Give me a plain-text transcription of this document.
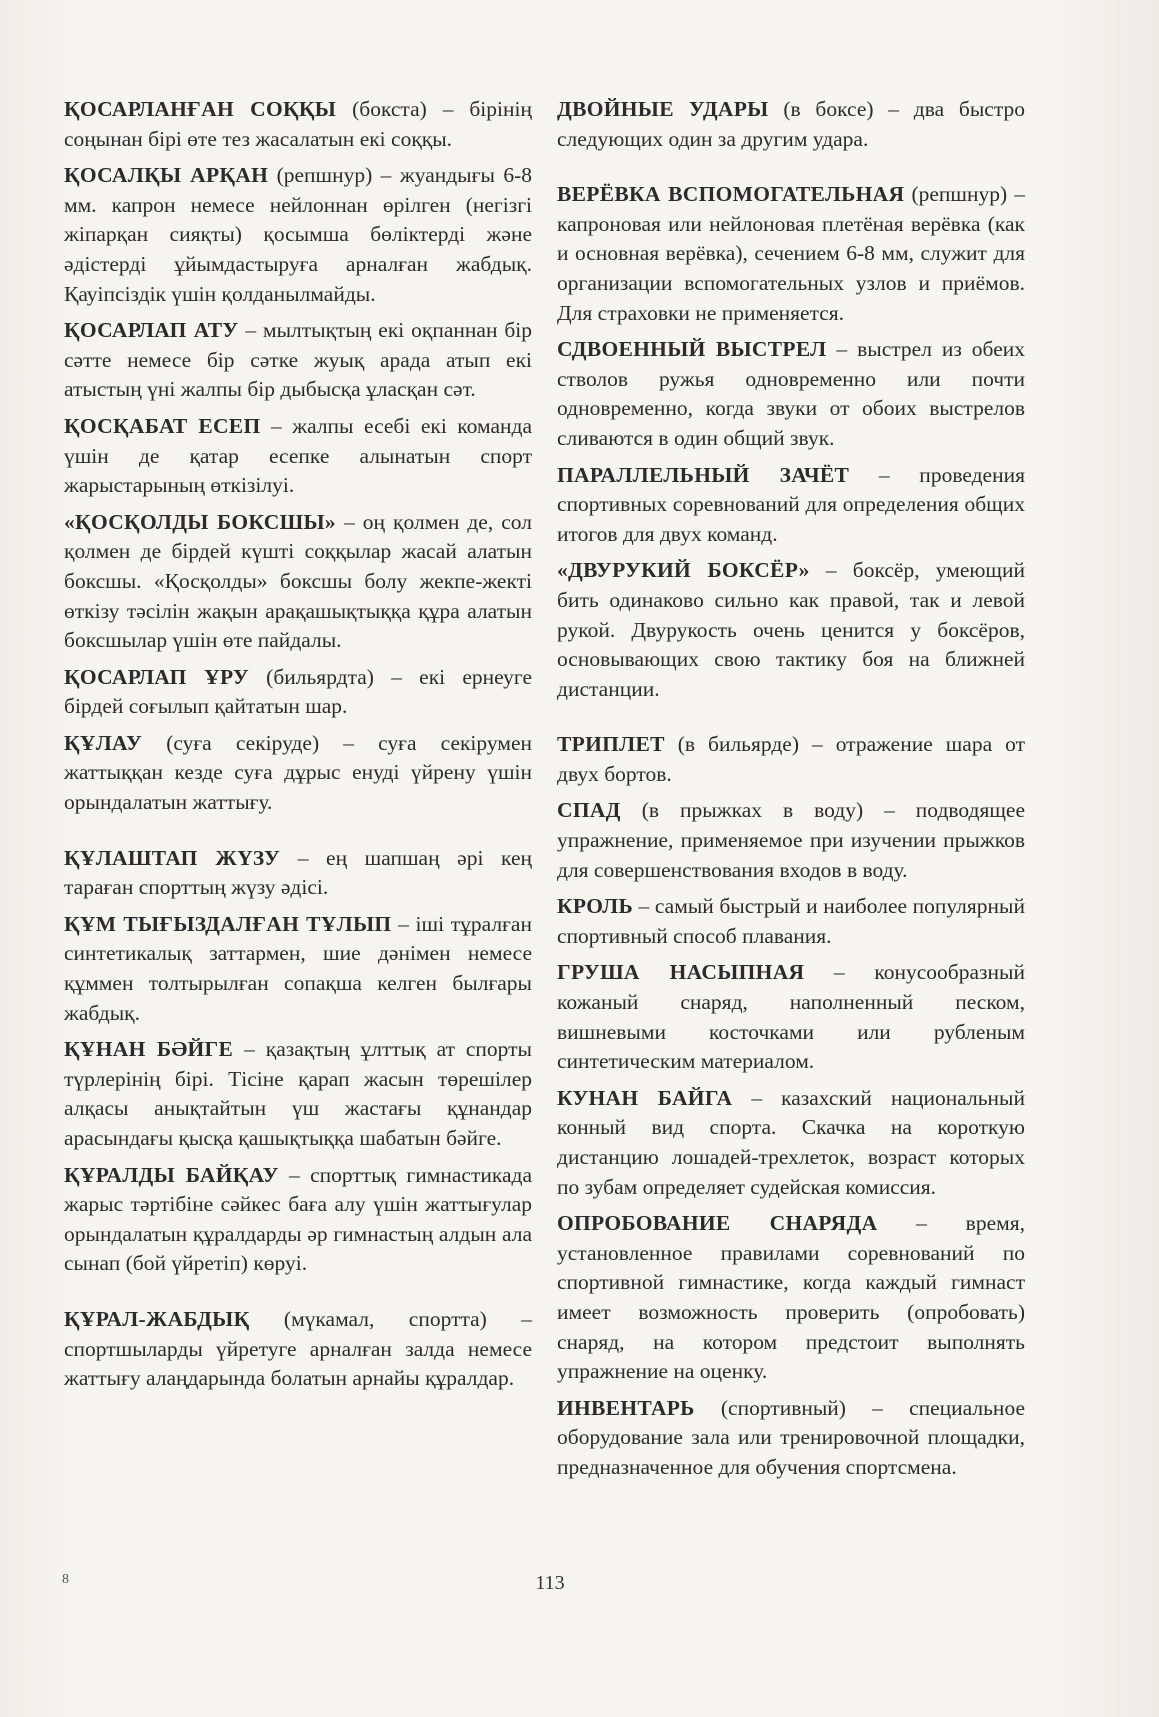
ҚОСАРЛАНҒАН СОҚҚЫ (бокста) – бірінің соңынан бірі өте тез жасалатын екі соққы.

ҚОСАЛҚЫ АРҚАН (репшнур) – жуандығы 6-8 мм. капрон немесе нейлоннан өрілген (негізгі жіпарқан сияқты) қосымша бөліктерді және әдістерді ұйымдастыруға арналған жабдық. Қауіпсіздік үшін қолданылмайды.

ҚОСАРЛАП АТУ – мылтықтың екі оқпаннан бір сәтте немесе бір сәтке жуық арада атып екі атыстың үні жалпы бір дыбысқа ұласқан сәт.

ҚОСҚАБАТ ЕСЕП – жалпы есебі екі команда үшін де қатар есепке алынатын спорт жарыстарының өткізілуі.

«ҚОСҚОЛДЫ БОКСШЫ» – оң қолмен де, сол қолмен де бірдей күшті соққылар жасай алатын боксшы. «Қосқолды» боксшы болу жекпе-жекті өткізу тәсілін жақын арақашықтыққа құра алатын боксшылар үшін өте пайдалы.

ҚОСАРЛАП ҰРУ (бильярдта) – екі ернеуге бірдей соғылып қайтатын шар.

ҚҰЛАУ (суға секіруде) – суға секірумен жаттыққан кезде суға дұрыс енуді үйрену үшін орындалатын жаттығу.

ҚҰЛАШТАП ЖҮЗУ – ең шапшаң әрі кең тараған спорттың жүзу әдісі.

ҚҰМ ТЫҒЫЗДАЛҒАН ТҰЛЫП – іші тұралған синтетикалық заттармен, шие дәнімен немесе құммен толтырылған сопақша келген былғары жабдық.

ҚҰНАН БӘЙГЕ – қазақтың ұлттық ат спорты түрлерінің бірі. Тісіне қарап жасын төрешілер алқасы анықтайтын үш жастағы құнандар арасындағы қысқа қашықтыққа шабатын бәйге.

ҚҰРАЛДЫ БАЙҚАУ – спорттық гимнастикада жарыс тәртібіне сәйкес баға алу үшін жаттығулар орындалатын құралдарды әр гимнастың алдын ала сынап (бой үйретіп) көруі.

ҚҰРАЛ-ЖАБДЫҚ (мүкамал, спортта) – спортшыларды үйретуге арналған залда немесе жаттығу алаңдарында болатын арнайы құралдар.

ДВОЙНЫЕ УДАРЫ (в боксе) – два быстро следующих один за другим удара.

ВЕРЁВКА ВСПОМОГАТЕЛЬНАЯ (репшнур) – капроновая или нейлоновая плетёная верёвка (как и основная верёвка), сечением 6-8 мм, служит для организации вспомогательных узлов и приёмов. Для страховки не применяется.

СДВОЕННЫЙ ВЫСТРЕЛ – выстрел из обеих стволов ружья одновременно или почти одновременно, когда звуки от обоих выстрелов сливаются в один общий звук.

ПАРАЛЛЕЛЬНЫЙ ЗАЧЁТ – проведения спортивных соревнований для определения общих итогов для двух команд.

«ДВУРУКИЙ БОКСЁР» – боксёр, умеющий бить одинаково сильно как правой, так и левой рукой. Двурукость очень ценится у боксёров, основывающих свою тактику боя на ближней дистанции.

ТРИПЛЕТ (в бильярде) – отражение шара от двух бортов.

СПАД (в прыжках в воду) – подводящее упражнение, применяемое при изучении прыжков для совершенствования входов в воду.

КРОЛЬ – самый быстрый и наиболее популярный спортивный способ плавания.

ГРУША НАСЫПНАЯ – конусообразный кожаный снаряд, наполненный песком, вишневыми косточками или рубленым синтетическим материалом.

КУНАН БАЙГА – казахский национальный конный вид спорта. Скачка на короткую дистанцию лошадей-трехлеток, возраст которых по зубам определяет судейская комиссия.

ОПРОБОВАНИЕ СНАРЯДА – время, установленное правилами соревнований по спортивной гимнастике, когда каждый гимнаст имеет возможность проверить (опробовать) снаряд, на котором предстоит выполнять упражнение на оценку.

ИНВЕНТАРЬ (спортивный) – специальное оборудование зала или тренировочной площадки, предназначенное для обучения спортсмена.

8	113
